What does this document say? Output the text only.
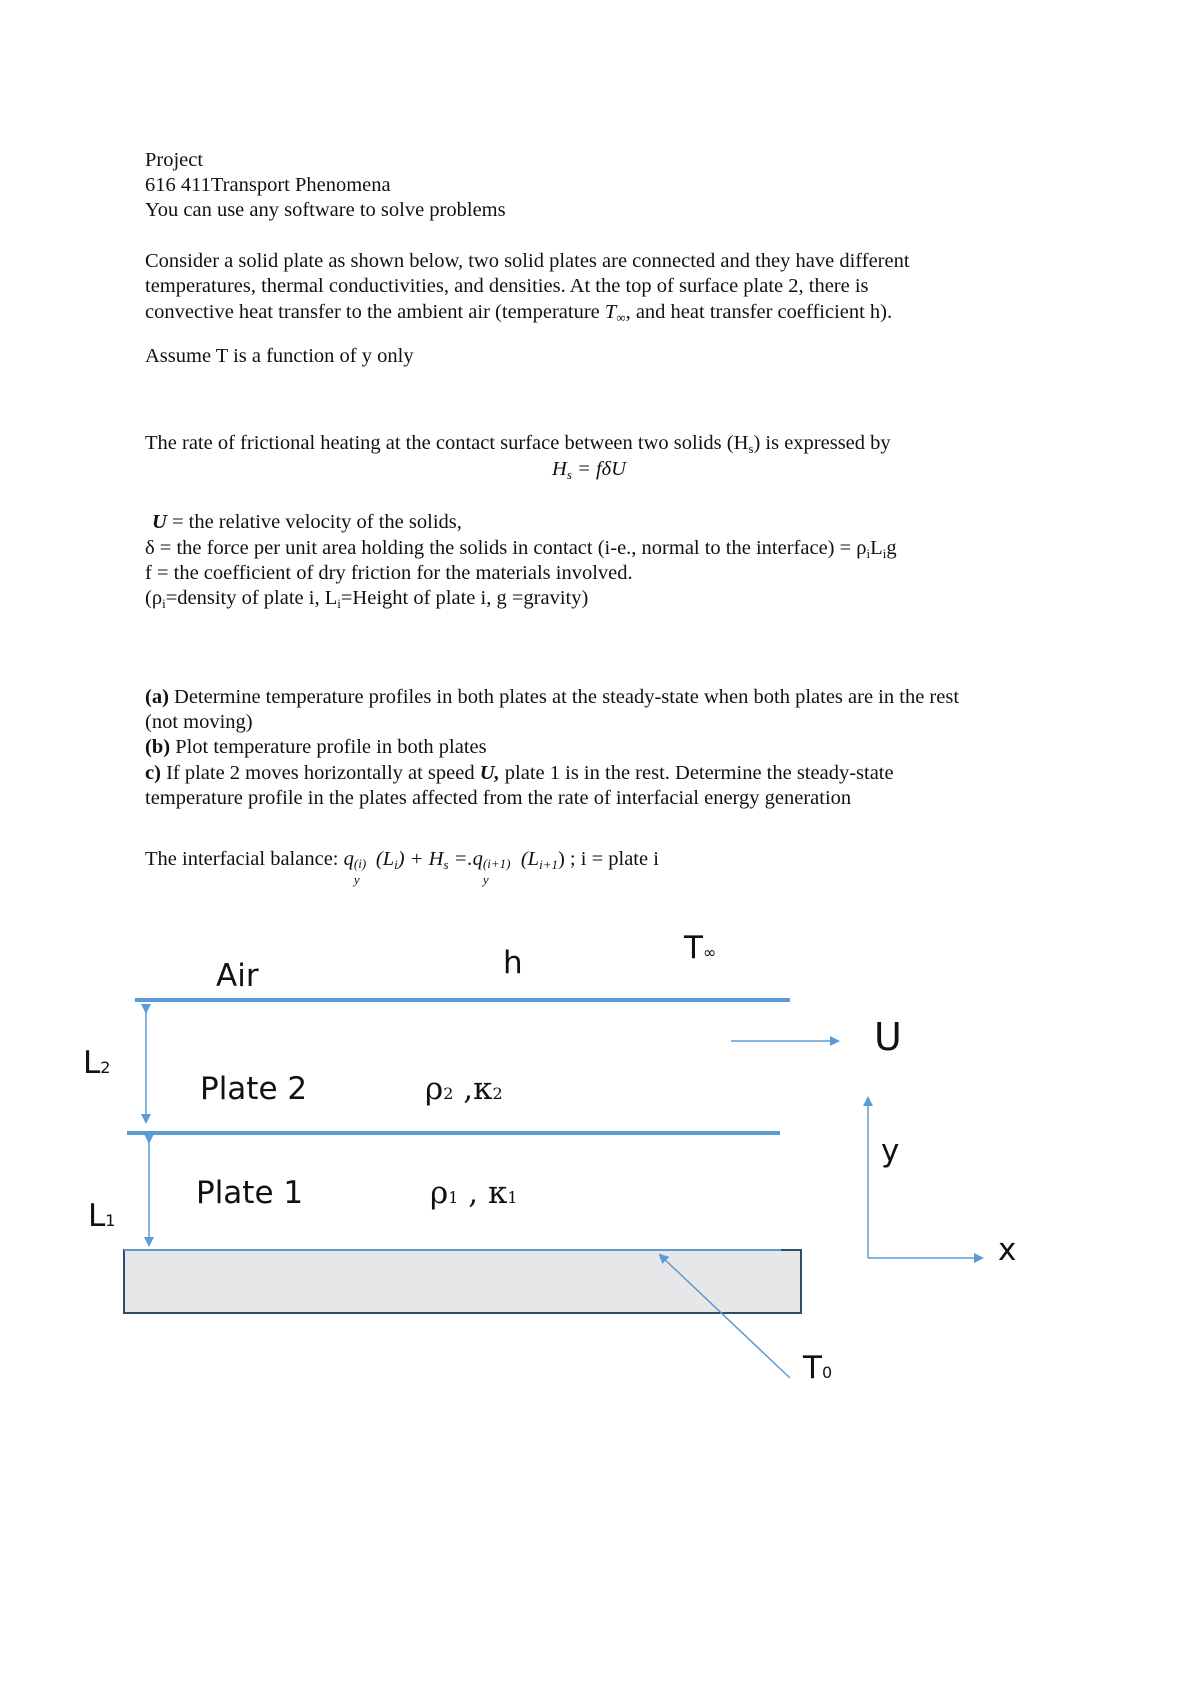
Project
616 411Transport Phenomena
You can use any software to solve problems
Consider a solid plate as shown below, two solid plates are connected and they have different
temperatures, thermal conductivities, and densities. At the top of surface plate 2, there is
convective heat transfer to the ambient air (temperature $T_\infty$, and heat transfer coefficient h).
Assume T is a function of y only
The rate of frictional heating at the contact surface between two solids $(H_s)$ is expressed by
$H_s = f\delta U$
U = the relative velocity of the solids,
δ = the force per unit area holding the solids in contact (i-e., normal to the interface) = $\rho_iL_ig$
f = the coefficient of dry friction for the materials involved.
($\rho_i=density$ of plate i, $L_i=Height$ of plate i, g =gravity)
(a) Determine temperature profiles in both plates at the steady-state when both plates are in the rest
(not moving)
(b) Plot temperature profile in both plates
c) If plate 2 moves horizontally at speed U, plate 1 is in the rest. Determine the steady-state
temperature profile in the plates affected from the rate of interfacial energy generation
The interfacial balance: q (i)
y
$(L_i) + H_s =.q$ (i+1)
y
$(L_{i+1})$ ; i = plate i
Air	h	T∞
U
L2
Plate 2	ρ2 ,κ2
y
Plate 1	ρ1 , κ1
L1
x
T0
